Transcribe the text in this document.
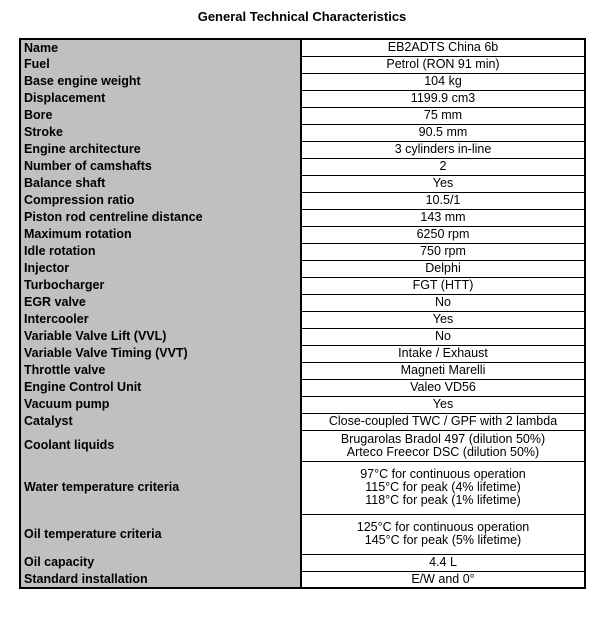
General Technical Characteristics
Name	EB2ADTS China 6b

Fuel	Petrol (RON 91 min)

Base engine weight	104 kg

Displacement	1199.9 cm3

Bore	75 mm

Stroke	90.5 mm

Engine architecture	3 cylinders in-line

Number of camshafts	2

Balance shaft	Yes

Compression ratio	10.5/1

Piston rod centreline distance	143 mm

Maximum rotation	6250 rpm

Idle rotation	750 rpm

Injector	Delphi

Turbocharger	FGT (HTT)

EGR valve	No

Intercooler	Yes

Variable Valve Lift (VVL)	No

Variable Valve Timing (VVT)	Intake / Exhaust

Throttle valve	Magneti Marelli

Engine Control Unit	Valeo VD56

Vacuum pump	Yes

Catalyst	Close-coupled TWC / GPF with 2 lambda

Coolant liquids	Brugarolas Bradol 497 (dilution 50%)
Arteco Freecor DSC (dilution 50%)

Water temperature criteria	97°C for continuous operation
115°C for peak (4% lifetime)
118°C for peak (1% lifetime)

Oil temperature criteria	125°C for continuous operation
145°C for peak (5% lifetime)

Oil capacity	4.4 L

Standard installation	E/W and 0°
